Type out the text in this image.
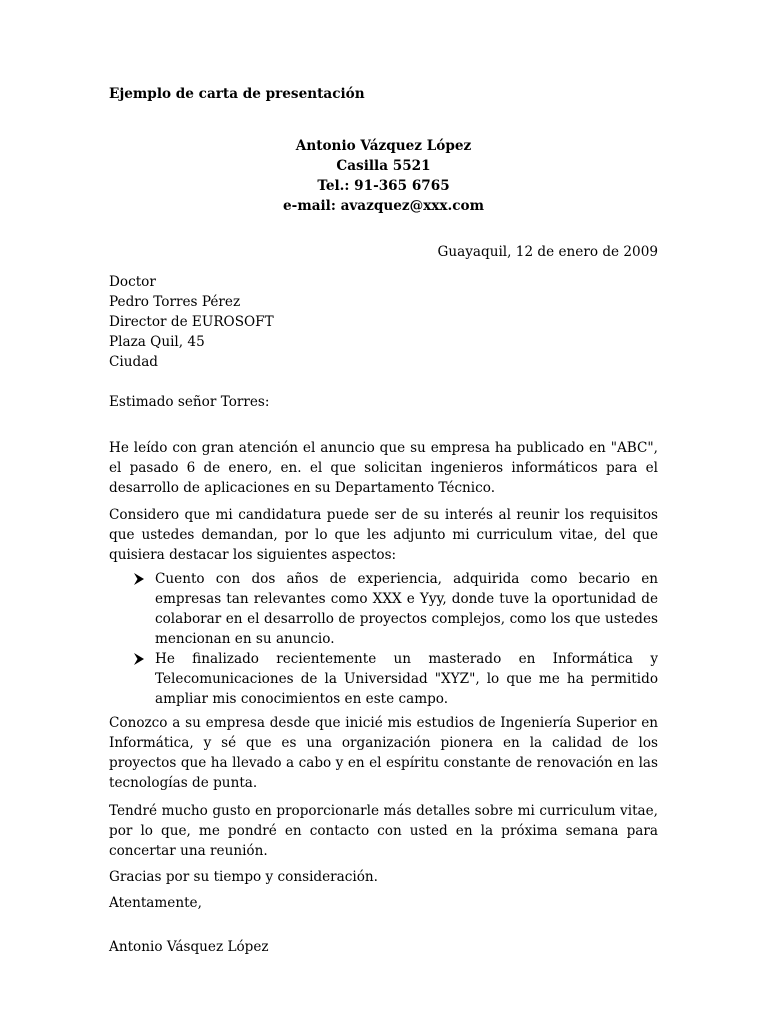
Ejemplo de carta de presentación
Antonio Vázquez López
Casilla 5521
Tel.: 91-365 6765
e-mail: avazquez@xxx.com
Guayaquil, 12 de enero de 2009
Doctor
Pedro Torres Pérez
Director de EUROSOFT
Plaza Quil, 45
Ciudad
Estimado señor Torres:

He leído con gran atención el anuncio que su empresa ha publicado en "ABC", el pasado 6 de enero, en. el que solicitan ingenieros informáticos para el desarrollo de aplicaciones en su Departamento Técnico.

Considero que mi candidatura puede ser de su interés al reunir los requisitos que ustedes demandan, por lo que les adjunto mi curriculum vitae, del que quisiera destacar los siguientes aspectos:

Cuento con dos años de experiencia, adquirida como becario en empresas tan relevantes como XXX e Yyy, donde tuve la oportunidad de colaborar en el desarrollo de proyectos complejos, como los que ustedes mencionan en su anuncio.
He finalizado recientemente un masterado en Informática y Telecomunicaciones de la Universidad "XYZ", lo que me ha permitido ampliar mis conocimientos en este campo.

Conozco a su empresa desde que inicié mis estudios de Ingeniería Superior en Informática, y sé que es una organización pionera en la calidad de los proyectos que ha llevado a cabo y en el espíritu constante de renovación en las tecnologías de punta.

Tendré mucho gusto en proporcionarle más detalles sobre mi curriculum vitae, por lo que, me pondré en contacto con usted en la próxima semana para concertar una reunión.

Gracias por su tiempo y consideración.

Atentamente,
Antonio Vásquez López
